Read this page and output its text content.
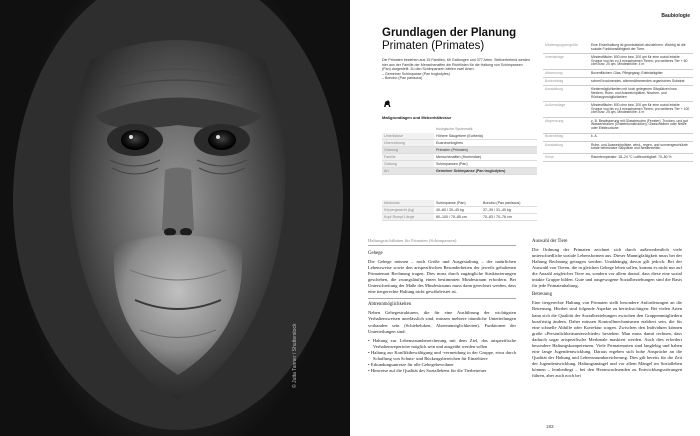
© Jutta Tanner / Shutterstock
Baubiologie
Grundlagen der Planung
Primaten (Primates)

Die Primaten bestehen aus 15 Familien, 69 Gattungen und 377 Arten. Stellvertretend werden hier aus der Familie der Menschenaffen die Richtlinien für die Haltung von Schimpansen (Pan) dargestellt. Zu den Schimpansen zählen zwei Arten:

– Gemeiner Schimpanse (Pan troglodytes)
– Bonobo (Pan paniscus)
Maßgrundlagen und Mebenhältnisse
	biologische Systematik
Unterklasse	Höhere Säugetiere (Eutheria)
Überordnung	Euarchontoglires
Ordnung	Primaten (Primates)
Familie	Menschenaffen (Hominidae)
Gattung	Schimpansen (Pan)
Art	Gemeiner Schimpanse (Pan troglodytes)
Merkmale	Schimpanse (Pan)	Bonobo (Pan paniscus)
Körpergewicht (kg)	40–60 / 30–45 kg	37–39 / 31–40 kg
Kopf-Rumpf-Länge	80–100 / 70–85 cm	70–83 / 70–76 cm
Mindestgruppengröße	Eine Einzelhaltung ist grundsätzlich abzulehnen. Wichtig ist die soziale Funktionsfähigkeit der Tiere.
Innenanlage	Mindestfläche: 800 cbm bzw. 200 qm für eine sozial intakte Gruppe von bis zu 4 erwachsenen Tieren; pro weiteres Tier + 60 cbm bzw. 20 qm, Mindesthöhe: 4 m
Abtrennung	Boxenflächen: Glas, Pflegegang: Edelstahlgitter
Bodenbelag	schnell trocknendes, wärmedämmendes organisches Substrat
Ausstattung	Klettermöglichkeiten mit hoch gelegenen Sitzplätzen bzw. Nestern, Ruhe- und Ausweichplätze, Nischen- und Rückzugsmöglichkeiten
Außenanlage	Mindestfläche: 800 cbm bzw. 200 qm für eine sozial intakte Gruppe von bis zu 4 erwachsenen Tieren; pro weiteres Tier + 100 cbm bzw. 25 qm, Mindesthöhe: 4 m
Abgrenzung	z. B. Bewässerung mit Glasstreuden (Fenster), Trocken- und gut Wasserstraßen (Grabenkonstruktion), Glasscheiben oder Netze oder Elektrozäune
Bodenbelag	k. A.
Ausstattung	Ruhe- und Ausweichplätze, wind-, regen- und sonnengeschützte sowie beheizbare Sitzplätze und Nesterstellen
Klima	Raumtemperatur: 18–24 °C Luftfeuchtigkeit: 70–80 %
Haltungsrichtlinien für Primaten (Schimpansen)
Gehege

Die Gehege müssen – nach Größe und Ausgestaltung – der natürlichen Lebensweise sowie den artspezifischen Besonderheiten der jeweils gehaltenen Primatenart Rechnung tragen. Dies muss durch zugängliche Strukturierungen geschehen, die zwangsläufig einen bestimmten Mindestraum erfordern. Bei Unterschreitung der Maße des Mindestraums muss dann gerechnet werden, dass eine tiergerechte Haltung nicht gewährleistet ist.

Abtrennmöglichkeiten

Neben Gehegestrukturen, die für eine Ausführung der wichtigsten Verhaltensweisen unerlässlich sind, müssen mehrere räumliche Unterteilungen vorhanden sein (Schiebeluken, Abtrennmöglichkeiten). Funktionen der Unterteilungen sind:

• Haltung zur Lebensraumbereicherung mit dem Ziel, das artspezifische Verhaltensrepertoire möglich sein und ausgeübt werden sollen
• Haltung zur Konfliktbewältigung und -vermeidung in der Gruppe, etwa durch Schaffung von Schutz- und Rückzugsbereichen für Einzeltiere
• Erkundungsanreize für alle Gehegebewohner
• Hinweise auf die Qualität des Soziallebens für die Tierbetreuer
Auswahl der Tiere

Die Ordnung der Primaten zeichnet sich durch außerordentlich viele unterschiedliche soziale Lebensformen aus. Dieser Mannigfaltigkeit muss bei der Haltung Rechnung getragen werden. Unabhängig davon gilt jedoch: Bei der Auswahl von Tieren, die in gleichen Gehege leben sollen, kommt es nicht nur auf die Anzahl artgleicher Tiere an, sondern vor allem darauf, dass diese eine sozial intakte Gruppe bilden. Gute und ausgewogene Sozialbeziehungen sind die Basis für jede Primatenhaltung.

Betreuung

Eine tiergerechte Haltung von Primaten stellt besondere Anforderungen an die Betreuung. Hierbei sind folgende Aspekte zu berücksichtigen: Bei vielen Arten kann sich die Qualität der Sozialbeziehungen zwischen den Gruppenmitgliedern kurzfristig ändern. Daher müssen Kontrollmechanismen etabliert sein, die für eine schnelle Abhilfe oder Korrektur sorgen. Zwischen den Individuen können große »Persönlichkeitsunterschiede« bestehen. Man muss damit rechnen, dass dadurch sogar artspezifische Merkmale maskiert werden. Auch dies erfordert besondere Haltungskompetenzen. Viele Primatenarten sind langlebig und haben eine lange Jugendentwicklung. Daraus ergeben sich hohe Ansprüche an die Qualität der Haltung und Lebensraumbereicherung. Dies gilt bereits für die Zeit der Jugendentwicklung. Haltungsmängel und vor allem Mängel im Sozialleben können – lernbedingt – bei den Heranwachsenden zu Entwicklungsstörungen führen, aber auch noch bei

183
